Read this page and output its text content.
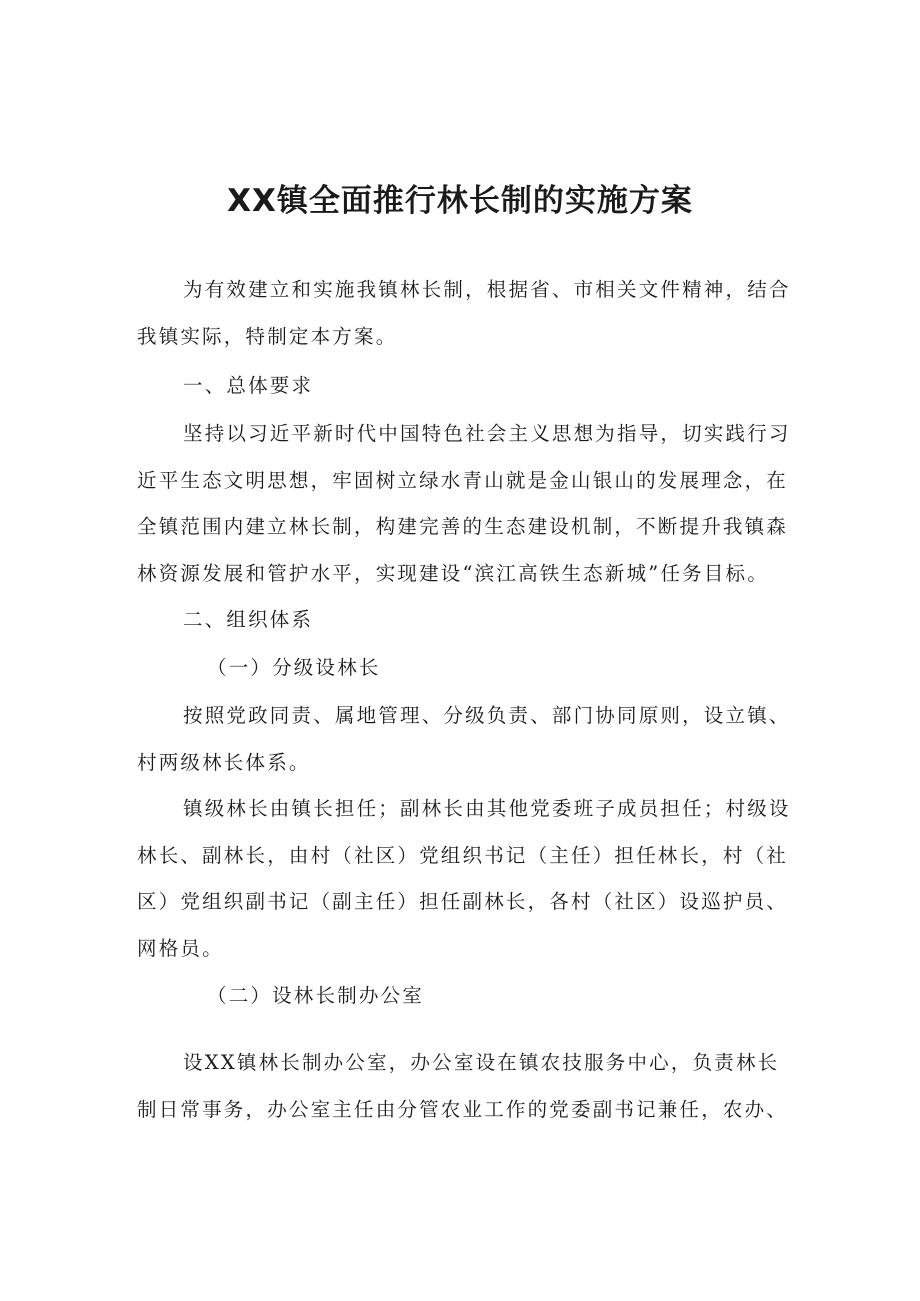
XX镇全面推行林长制的实施方案
为有效建立和实施我镇林长制，根据省、市相关文件精神，结合
我镇实际，特制定本方案。
一、总体要求
坚持以习近平新时代中国特色社会主义思想为指导，切实践行习
近平生态文明思想，牢固树立绿水青山就是金山银山的发展理念，在
全镇范围内建立林长制，构建完善的生态建设机制，不断提升我镇森
林资源发展和管护水平，实现建设“滨江高铁生态新城”任务目标。
二、组织体系
（一）分级设林长
按照党政同责、属地管理、分级负责、部门协同原则，设立镇、
村两级林长体系。
镇级林长由镇长担任；副林长由其他党委班子成员担任；村级设
林长、副林长，由村（社区）党组织书记（主任）担任林长，村（社
区）党组织副书记（副主任）担任副林长，各村（社区）设巡护员、
网格员。
（二）设林长制办公室
设XX镇林长制办公室，办公室设在镇农技服务中心，负责林长
制日常事务，办公室主任由分管农业工作的党委副书记兼任，农办、
